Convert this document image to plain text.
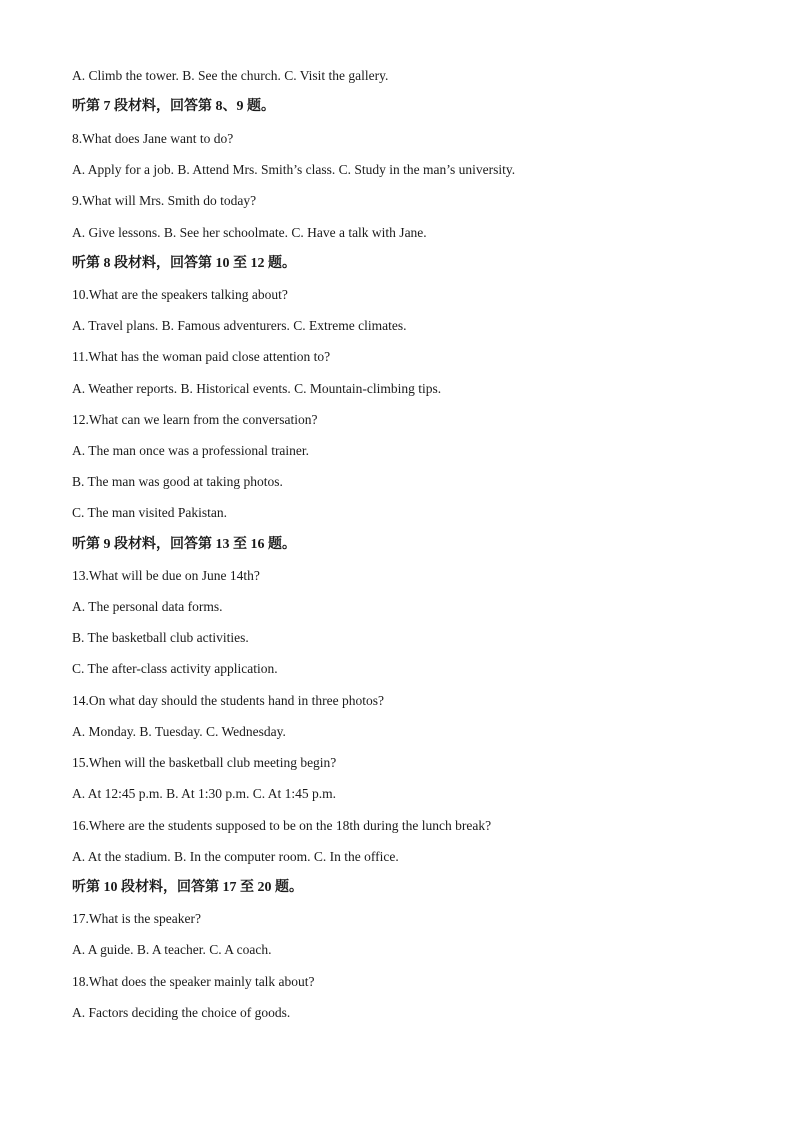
A. Climb the tower. B. See the church. C. Visit the gallery.
听第 7 段材料，回答第 8、9 题。
8.What does Jane want to do?
A. Apply for a job. B. Attend Mrs. Smith’s class. C. Study in the man’s university.
9.What will Mrs. Smith do today?
A. Give lessons. B. See her schoolmate. C. Have a talk with Jane.
听第 8 段材料，回答第 10 至 12 题。
10.What are the speakers talking about?
A. Travel plans. B. Famous adventurers. C. Extreme climates.
11.What has the woman paid close attention to?
A. Weather reports. B. Historical events. C. Mountain-climbing tips.
12.What can we learn from the conversation?
A. The man once was a professional trainer.
B. The man was good at taking photos.
C. The man visited Pakistan.
听第 9 段材料，回答第 13 至 16 题。
13.What will be due on June 14th?
A. The personal data forms.
B. The basketball club activities.
C. The after-class activity application.
14.On what day should the students hand in three photos?
A. Monday. B. Tuesday. C. Wednesday.
15.When will the basketball club meeting begin?
A. At 12:45 p.m. B. At 1:30 p.m. C. At 1:45 p.m.
16.Where are the students supposed to be on the 18th during the lunch break?
A. At the stadium. B. In the computer room. C. In the office.
听第 10 段材料，回答第 17 至 20 题。
17.What is the speaker?
A. A guide. B. A teacher. C. A coach.
18.What does the speaker mainly talk about?
A. Factors deciding the choice of goods.
